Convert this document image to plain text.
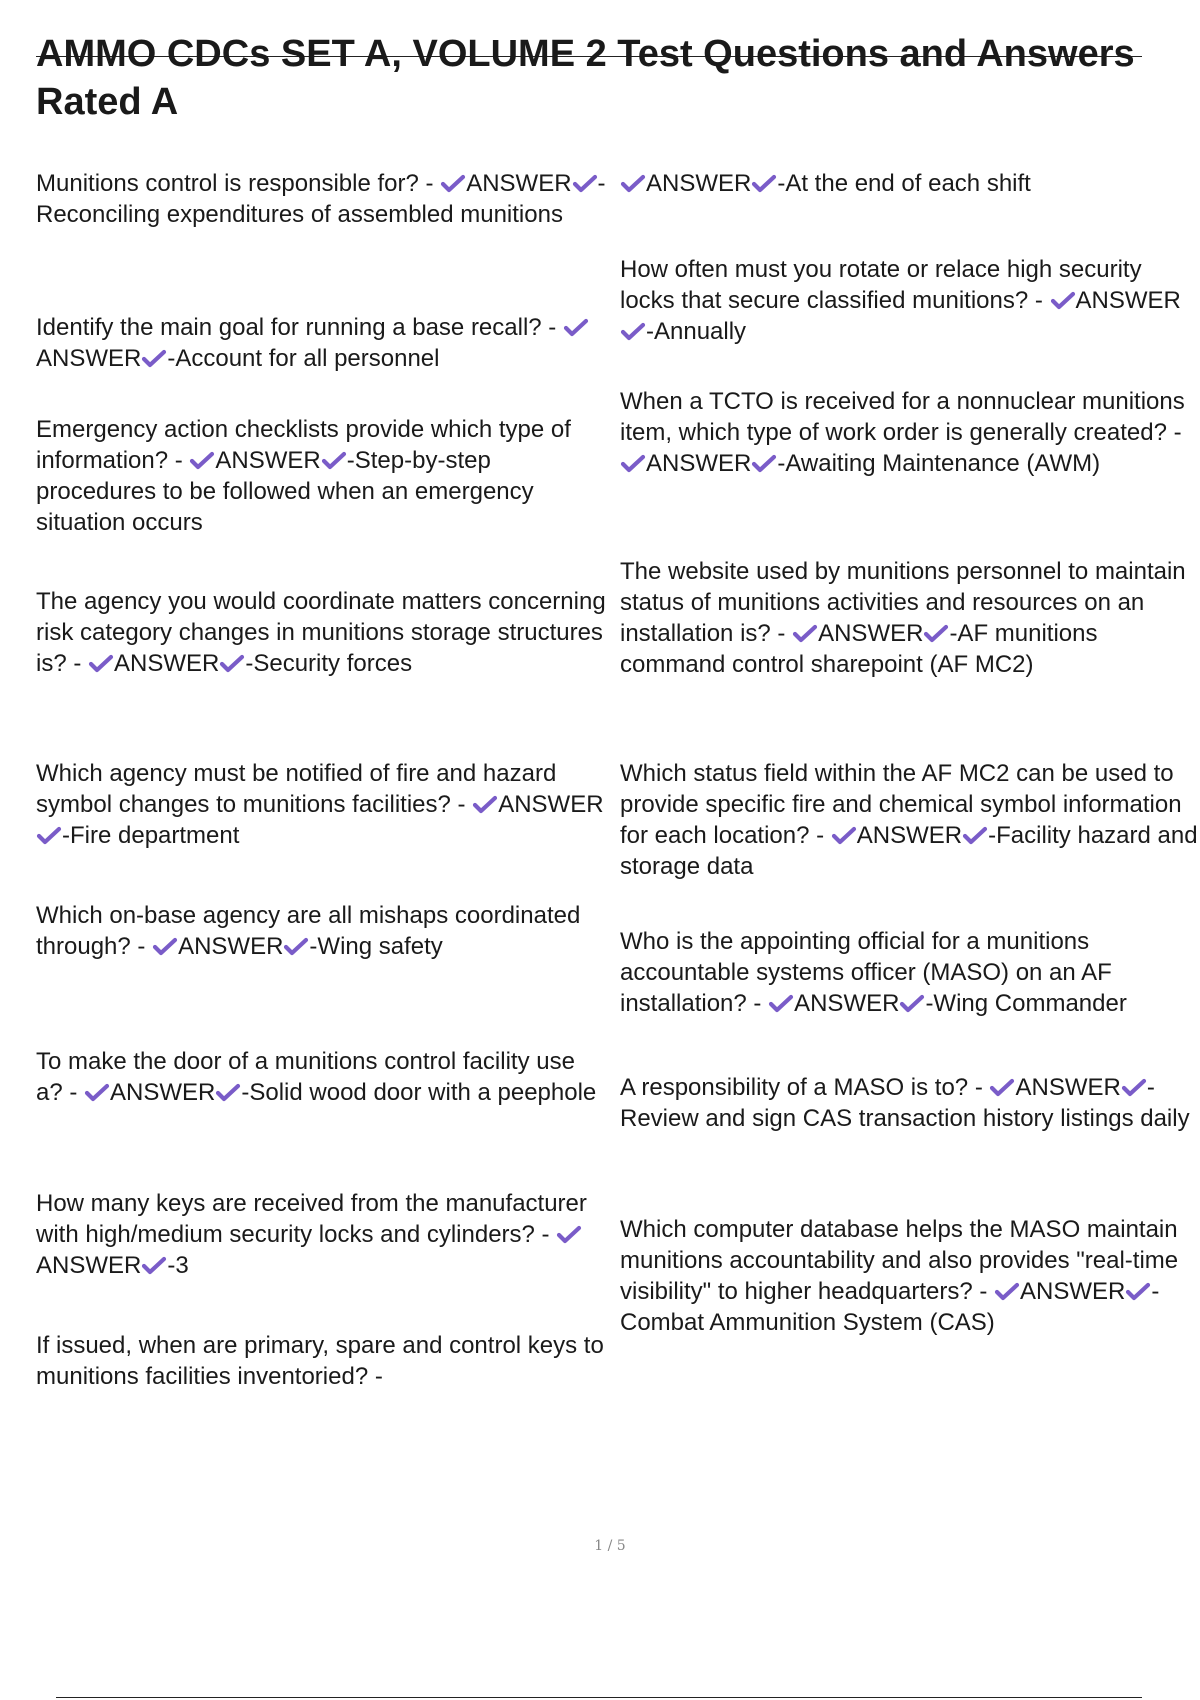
AMMO CDCs SET A, VOLUME 2 Test Questions and Answers Rated A

Munitions control is responsible for? - ANSWER -Reconciling expenditures of assembled munitions

Identify the main goal for running a base recall? -
ANSWER -Account for all personnel

Emergency action checklists provide which type of information? - ANSWER -Step-by-step procedures to be followed when an emergency situation occurs

The agency you would coordinate matters concerning risk category changes in munitions storage structures is? - ANSWER -Security forces

Which agency must be notified of fire and hazard symbol changes to munitions facilities? - ANSWER
-Fire department

Which on-base agency are all mishaps coordinated through? - ANSWER -Wing safety

To make the door of a munitions control facility use a? - ANSWER -Solid wood door with a peephole

How many keys are received from the manufacturer with high/medium security locks and cylinders? -
ANSWER -3

If issued, when are primary, spare and control keys to munitions facilities inventoried? -

ANSWER -At the end of each shift

How often must you rotate or relace high security locks that secure classified munitions? - ANSWER
-Annually

When a TCTO is received for a nonnuclear munitions item, which type of work order is generally created? -
ANSWER -Awaiting Maintenance (AWM)

The website used by munitions personnel to maintain status of munitions activities and resources on an installation is? - ANSWER -AF munitions command control sharepoint (AF MC2)

Which status field within the AF MC2 can be used to provide specific fire and chemical symbol information for each location? - ANSWER -Facility hazard and storage data

Who is the appointing official for a munitions accountable systems officer (MASO) on an AF installation? - ANSWER -Wing Commander

A responsibility of a MASO is to? - ANSWER -Review and sign CAS transaction history listings daily

Which computer database helps the MASO maintain munitions accountability and also provides "real-time visibility" to higher headquarters? - ANSWER -Combat Ammunition System (CAS)

1 / 5
